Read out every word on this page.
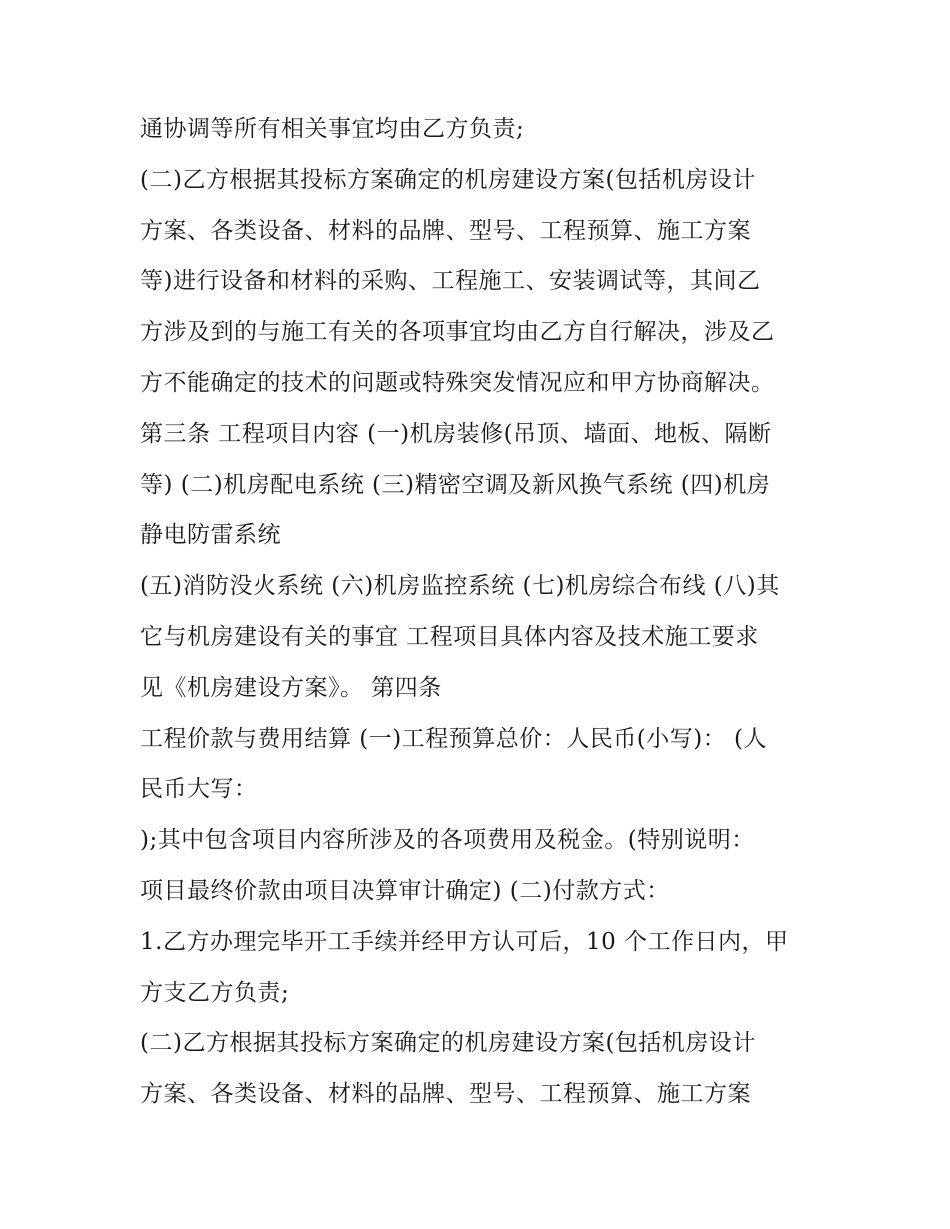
通协调等所有相关事宜均由乙方负责;
(二)乙方根据其投标方案确定的机房建设方案(包括机房设计
方案、各类设备、材料的品牌、型号、工程预算、施工方案
等)进行设备和材料的采购、工程施工、安装调试等，其间乙
方涉及到的与施工有关的各项事宜均由乙方自行解决，涉及乙
方不能确定的技术的问题或特殊突发情况应和甲方协商解决。
第三条 工程项目内容 (一)机房装修(吊顶、墙面、地板、隔断
等) (二)机房配电系统 (三)精密空调及新风换气系统 (四)机房
静电防雷系统
(五)消防没火系统 (六)机房监控系统 (七)机房综合布线 (八)其
它与机房建设有关的事宜 工程项目具体内容及技术施工要求
见《机房建设方案》。 第四条
工程价款与费用结算 (一)工程预算总价：人民币(小写)： (人
民币大写：
);其中包含项目内容所涉及的各项费用及税金。(特别说明：
项目最终价款由项目决算审计确定) (二)付款方式：
1.乙方办理完毕开工手续并经甲方认可后，10 个工作日内，甲
方支乙方负责;
(二)乙方根据其投标方案确定的机房建设方案(包括机房设计
方案、各类设备、材料的品牌、型号、工程预算、施工方案
